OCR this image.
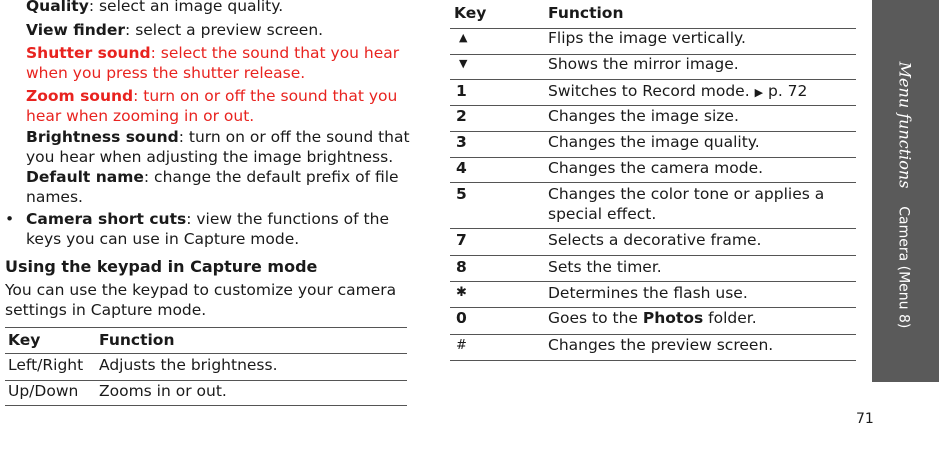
Quality: select an image quality.
View finder: select a preview screen.
Shutter sound: select the sound that you hear
when you press the shutter release.
Zoom sound: turn on or off the sound that you
hear when zooming in or out.
Brightness sound: turn on or off the sound that
you hear when adjusting the image brightness.
Default name: change the default prefix of file
names.
• Camera short cuts: view the functions of the
keys you can use in Capture mode.
Using the keypad in Capture mode
You can use the keypad to customize your camera
settings in Capture mode.
Key	Function
Left/Right Adjusts the brightness.
Up/Down Zooms in or out.
Key	Function
▲	Flips the image vertically.
▼	Shows the mirror image.
1	Switches to Record mode. ▶ p. 72
2	Changes the image size.
3	Changes the image quality.
4	Changes the camera mode.
5	Changes the color tone or applies a
special effect.
7	Selects a decorative frame.
8	Sets the timer.
✱	Determines the flash use.
0	Goes to the Photos folder.
#	Changes the preview screen.
Menu functions    Camera (Menu 8)
71
